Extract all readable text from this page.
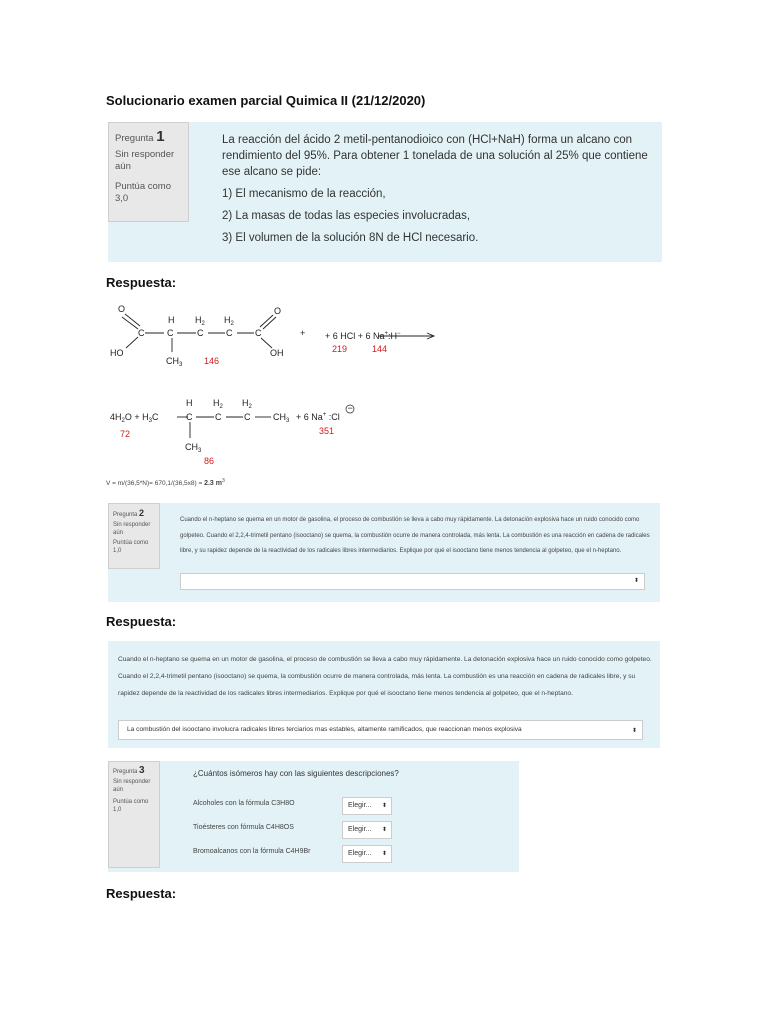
Solucionario examen parcial Quimica II (21/12/2020)
Pregunta 1
Sin responder aún
Puntúa como 3,0

La reacción del ácido 2 metil-pentanodioico con (HCl+NaH) forma un alcano con rendimiento del 95%. Para obtener 1 tonelada de una solución al 25% que contiene ese alcano se pide:

1) El mecanismo de la reacción,

2) La masas de todas las especies involucradas,

3) El volumen de la solución 8N de HCl necesario.

Respuesta:
O
C
H
C
$H_2$
C
$H_2$
C	C
O
HO
$CH_3$ 146
OH
+ + 6 HCl + 6 Na+:H−
219	144
$4H_2O + H_3C$
H
C
$H_2$
C
$H_2$
C	$CH_3 + 6$ Na+ :Cl
−
72
$CH_3$
86
351
V = m/(36,5*N)= 670,1/(36,5x8) = 2.3 $m^3$
Pregunta 2
Sin responder aún
Puntúa como 1,0
Cuando el n-heptano se quema en un motor de gasolina, el proceso de combustión se lleva a cabo muy rápidamente. La detonación explosiva hace un ruido conocido como golpeteo. Cuando el 2,2,4-trimetil pentano (isooctano) se quema, la combustión ocurre de manera controlada, más lenta. La combustión es una reacción en cadena de radicales libre, y su rapidez depende de la reactividad de los radicales libres intermediarios. Explique por qué el isooctano tiene menos tendencia al golpeteo, que el n-heptano.
⬍
Respuesta:
Cuando el n-heptano se quema en un motor de gasolina, el proceso de combustión se lleva a cabo muy rápidamente. La detonación explosiva hace un ruido conocido como golpeteo. Cuando el 2,2,4-trimetil pentano (isooctano) se quema, la combustión ocurre de manera controlada, más lenta. La combustión es una reacción en cadena de radicales libre, y su rapidez depende de la reactividad de los radicales libres intermediarios. Explique por qué el isooctano tiene menos tendencia al golpeteo, que el n-heptano.
La combustión del isooctano involucra radicales libres terciarios mas estables, altamente ramificados, que reaccionan menos explosiva	⬍
Pregunta 3
Sin responder aún
Puntúa como 1,0
¿Cuántos isómeros hay con las siguientes descripciones?
Alcoholes con la fórmula C3H8O	Elegir... ⬍
Tioésteres con fórmula C4H8OS	Elegir... ⬍
Bromoalcanos con la fórmula C4H9Br	Elegir... ⬍
Respuesta:
